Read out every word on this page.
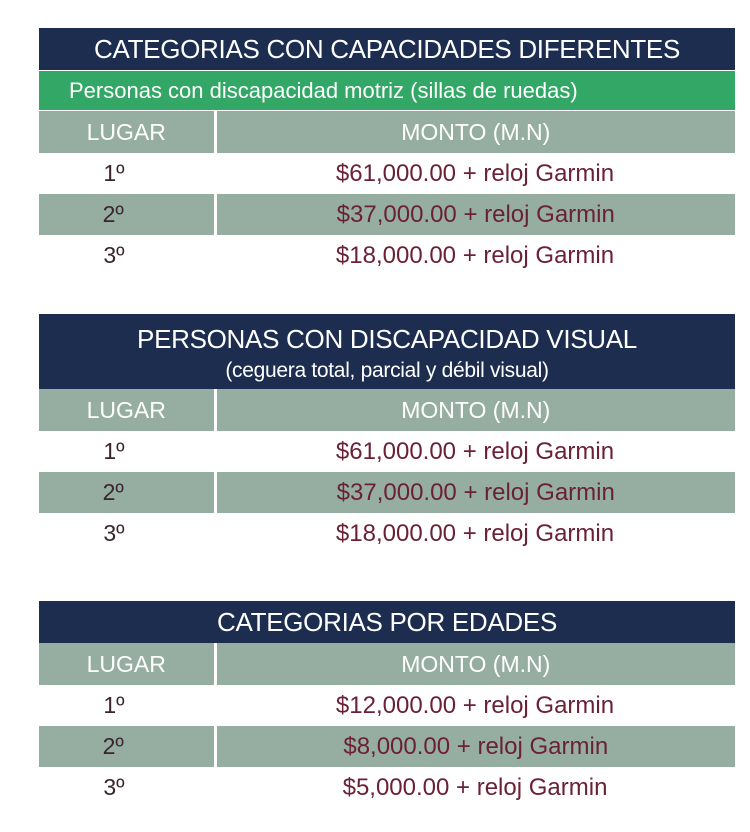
CATEGORIAS CON CAPACIDADES DIFERENTES	
Personas con discapacidad motriz (sillas de ruedas)	
LUGAR	MONTO (M.N)
1º	$61,000.00 + reloj Garmin
2º	$37,000.00 + reloj Garmin
3º	$18,000.00 + reloj Garmin
PERSONAS CON DISCAPACIDAD VISUAL
(ceguera total, parcial y débil visual)	

LUGAR	MONTO (M.N)
1º	$61,000.00 + reloj Garmin
2º	$37,000.00 + reloj Garmin
3º	$18,000.00 + reloj Garmin
CATEGORIAS POR EDADES	
LUGAR	MONTO (M.N)
1º	$12,000.00 + reloj Garmin
2º	$8,000.00 + reloj Garmin
3º	$5,000.00 + reloj Garmin
